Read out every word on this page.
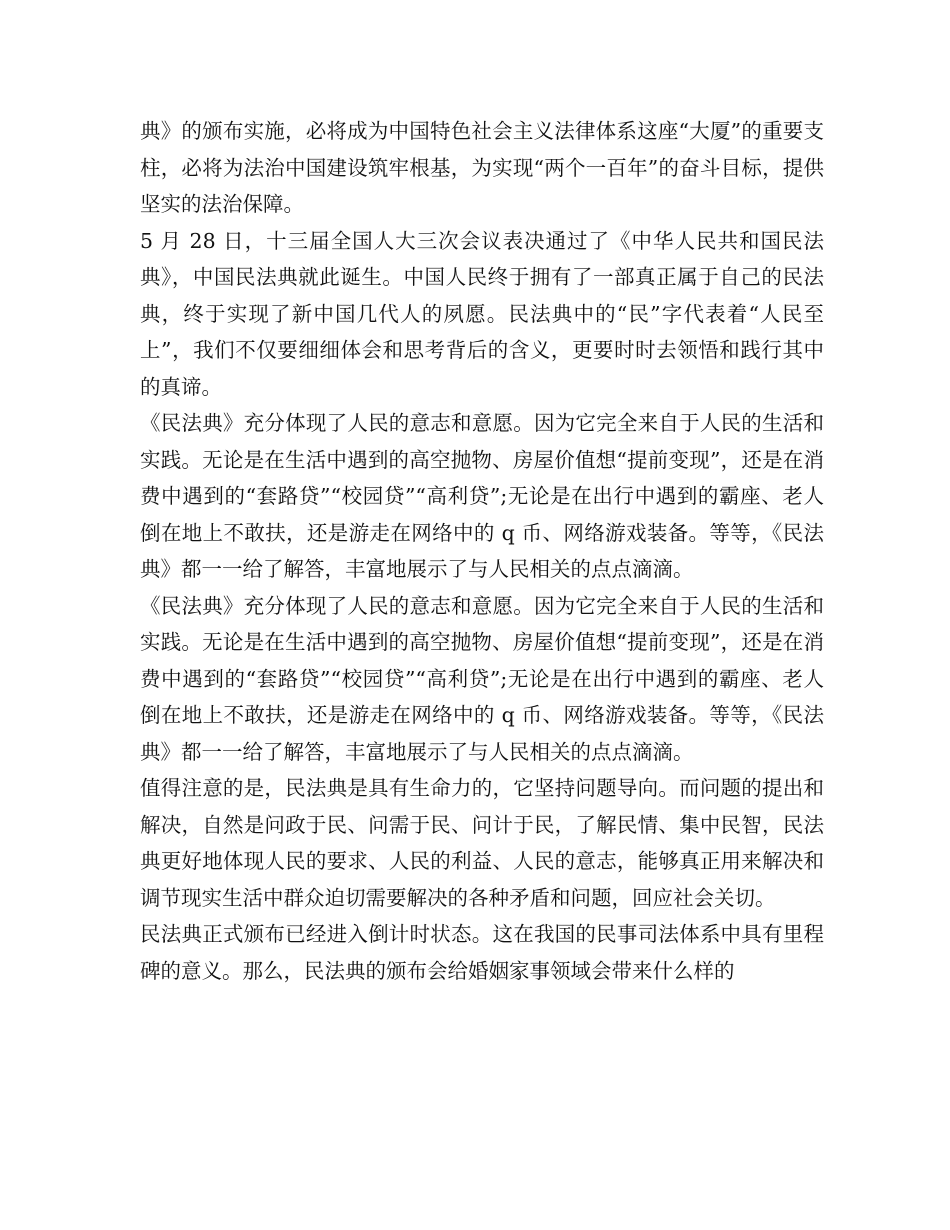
典》的颁布实施，必将成为中国特色社会主义法律体系这座“大厦”的重要支柱，必将为法治中国建设筑牢根基，为实现“两个一百年”的奋斗目标，提供坚实的法治保障。

5 月 28 日，十三届全国人大三次会议表决通过了《中华人民共和国民法典》，中国民法典就此诞生。中国人民终于拥有了一部真正属于自己的民法典，终于实现了新中国几代人的夙愿。民法典中的“民”字代表着“人民至上”，我们不仅要细细体会和思考背后的含义，更要时时去领悟和践行其中的真谛。

《民法典》充分体现了人民的意志和意愿。因为它完全来自于人民的生活和实践。无论是在生活中遇到的高空抛物、房屋价值想“提前变现”，还是在消费中遇到的“套路贷”“校园贷”“高利贷”;无论是在出行中遇到的霸座、老人倒在地上不敢扶，还是游走在网络中的 q 币、网络游戏装备。等等，《民法典》都一一给了解答，丰富地展示了与人民相关的点点滴滴。

《民法典》充分体现了人民的意志和意愿。因为它完全来自于人民的生活和实践。无论是在生活中遇到的高空抛物、房屋价值想“提前变现”，还是在消费中遇到的“套路贷”“校园贷”“高利贷”;无论是在出行中遇到的霸座、老人倒在地上不敢扶，还是游走在网络中的 q 币、网络游戏装备。等等，《民法典》都一一给了解答，丰富地展示了与人民相关的点点滴滴。

值得注意的是，民法典是具有生命力的，它坚持问题导向。而问题的提出和解决，自然是问政于民、问需于民、问计于民，了解民情、集中民智，民法典更好地体现人民的要求、人民的利益、人民的意志，能够真正用来解决和调节现实生活中群众迫切需要解决的各种矛盾和问题，回应社会关切。

民法典正式颁布已经进入倒计时状态。这在我国的民事司法体系中具有里程碑的意义。那么，民法典的颁布会给婚姻家事领域会带来什么样的
